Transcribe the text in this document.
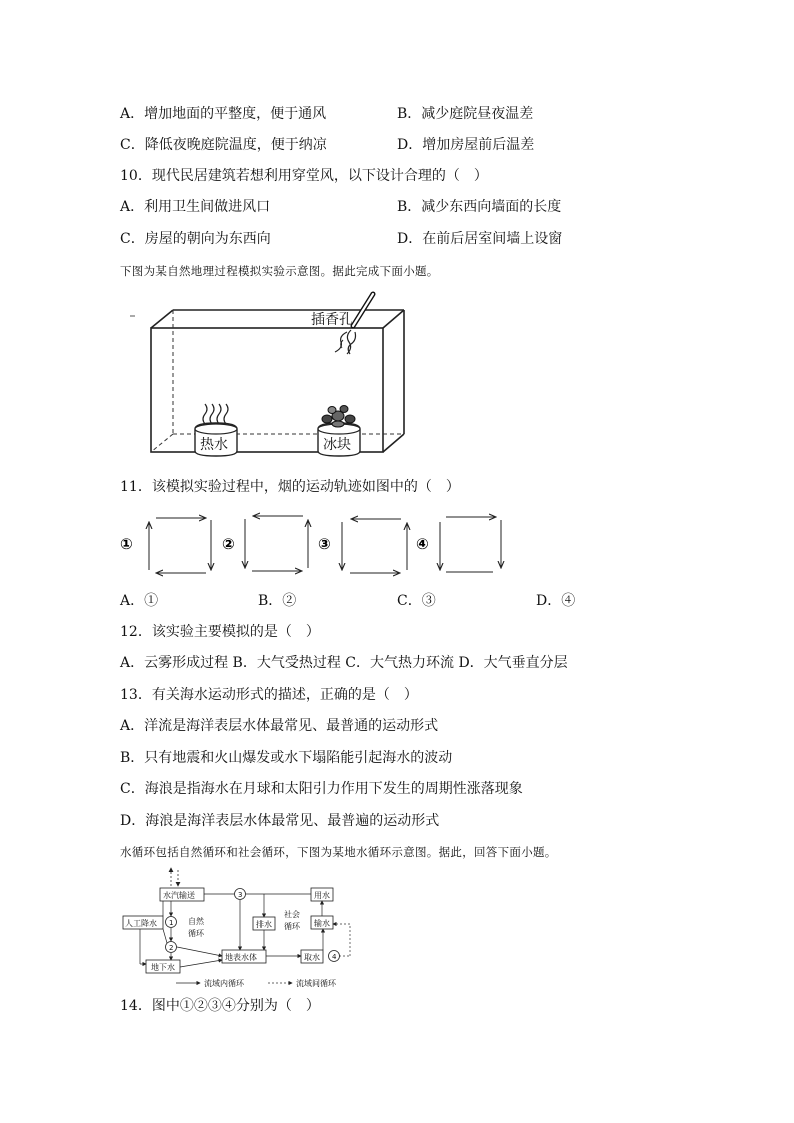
A．增加地面的平整度，便于通风	B．减少庭院昼夜温差
C．降低夜晚庭院温度，便于纳凉	D．增加房屋前后温差
10．现代民居建筑若想利用穿堂风，以下设计合理的（　）
A．利用卫生间做进风口	B．减少东西向墙面的长度
C．房屋的朝向为东西向	D．在前后居室间墙上设窗
下图为某自然地理过程模拟实验示意图。据此完成下面小题。
插香孔
热水	冰块
11．该模拟实验过程中，烟的运动轨迹如图中的（　）
①	②	③	④
A．①	B．②	C．③	D．④
12．该实验主要模拟的是（　）
A．云雾形成过程 B．大气受热过程 C．大气热力环流 D．大气垂直分层
13．有关海水运动形式的描述，正确的是（　）
A．洋流是海洋表层水体最常见、最普通的运动形式
B．只有地震和火山爆发或水下塌陷能引起海水的波动
C．海浪是指海水在月球和太阳引力作用下发生的周期性涨落现象
D．海浪是海洋表层水体最常见、最普遍的运动形式
水循环包括自然循环和社会循环，下图为某地水循环示意图。据此，回答下面小题。
水汽输送
人工降水 1
2
自然
循环
地下水
地表水体
3
排水
社会
循环
用水
输水
取水 4
流域内循环	流域间循环
14．图中①②③④分别为（　）
